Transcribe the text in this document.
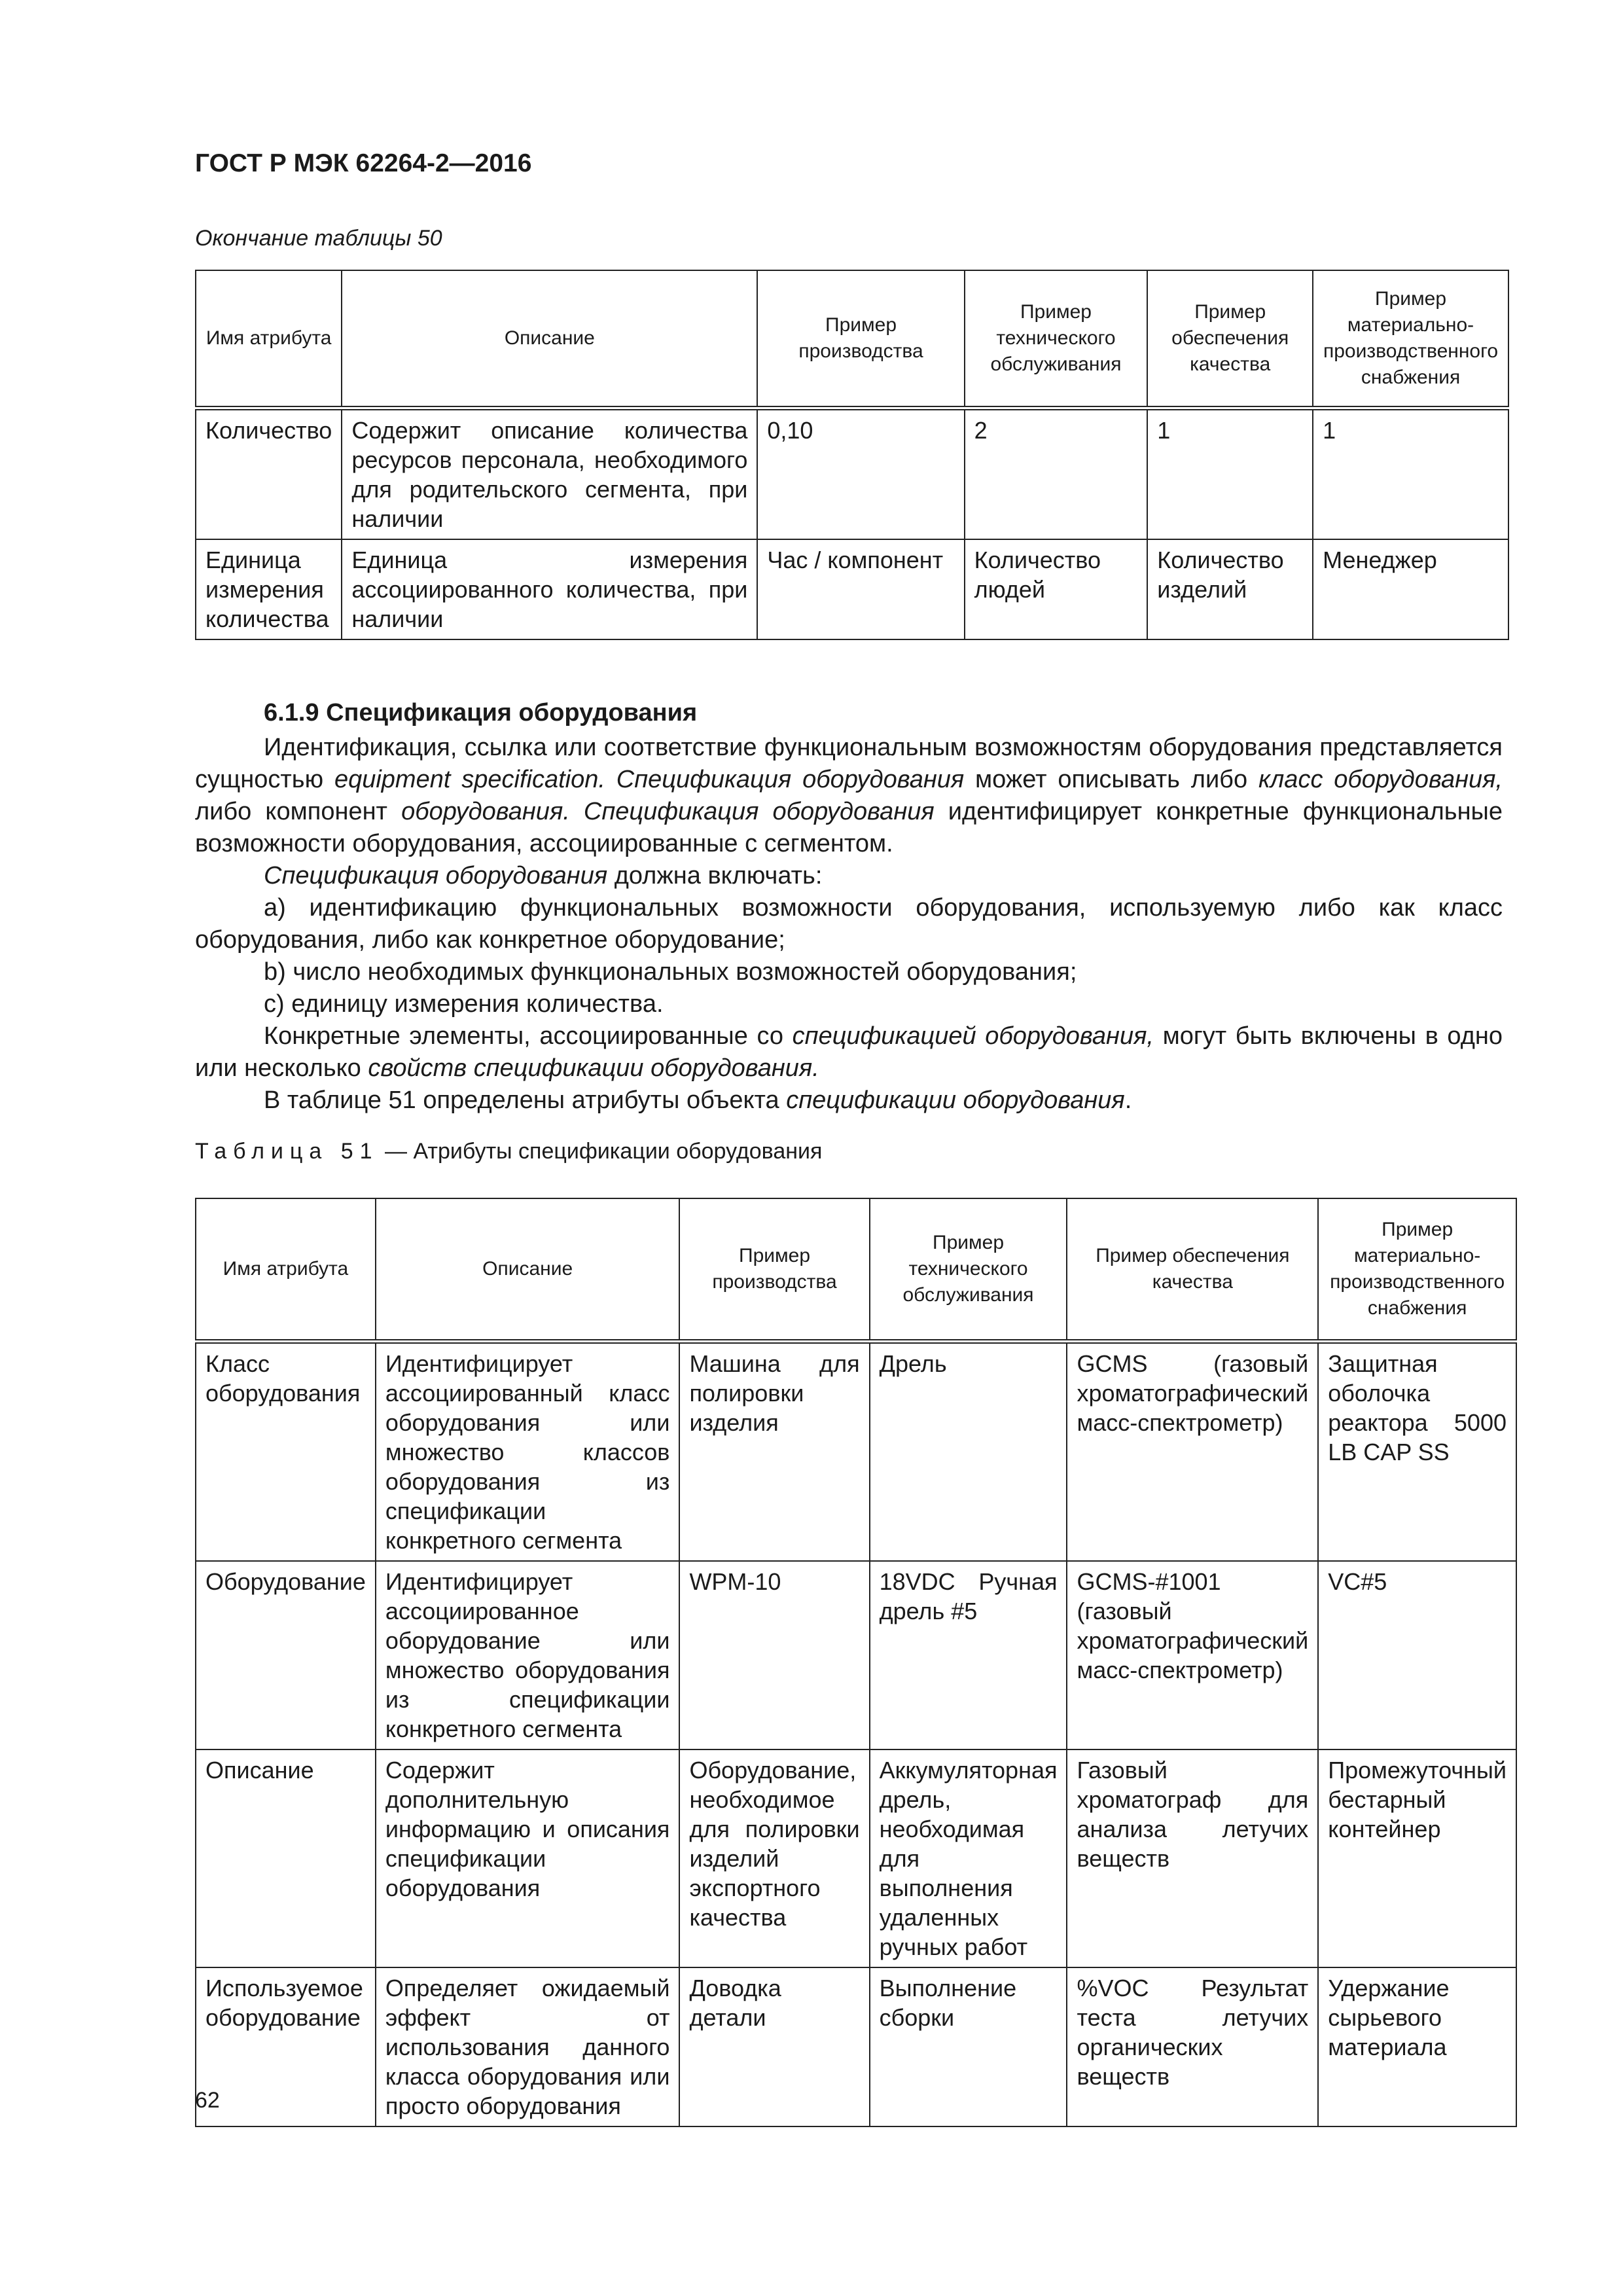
ГОСТ Р МЭК 62264-2—2016
Окончание таблицы 50
Имя атрибута	Описание	Пример производства	Пример технического обслуживания	Пример обеспечения качества	Пример материально-производственного снабжения
Количество	Содержит описание количества ресурсов персонала, необходимого для родительского сегмента, при наличии	0,10	2	1	1
Единица измерения количества	Единица измерения ассоциированного количества, при наличии	Час / компонент	Количество людей	Количество изделий	Менеджер
6.1.9 Спецификация оборудования

Идентификация, ссылка или соответствие функциональным возможностям оборудования представляется сущностью equipment specification. Спецификация оборудования может описывать либо класс оборудования, либо компонент оборудования. Спецификация оборудования идентифицирует конкретные функциональные возможности оборудования, ассоциированные с сегментом.

Спецификация оборудования должна включать:

a) идентификацию функциональных возможности оборудования, используемую либо как класс оборудования, либо как конкретное оборудование;

b) число необходимых функциональных возможностей оборудования;

c) единицу измерения количества.

Конкретные элементы, ассоциированные со спецификацией оборудования, могут быть включены в одно или несколько свойств спецификации оборудования.

В таблице 51 определены атрибуты объекта спецификации оборудования.

Таблица 51 — Атрибуты спецификации оборудования
Имя атрибута	Описание	Пример производства	Пример технического обслуживания	Пример обеспечения качества	Пример материально-производственного снабжения
Класс оборудования	Идентифицирует ассоциированный класс оборудования или множество классов оборудования из спецификации конкретного сегмента	Машина для полировки изделия	Дрель	GCMS (газовый хроматографический масс-спектрометр)	Защитная оболочка реактора 5000 LB CAP SS
Оборудование	Идентифицирует ассоциированное оборудование или множество оборудования из спецификации конкретного сегмента	WPM-10	18VDC Ручная дрель #5	GCMS-#1001 (газовый хроматографический масс-спектрометр)	VC#5
Описание	Содержит дополнительную информацию и описания спецификации оборудования	Оборудование, необходимое для полировки изделий экспортного качества	Аккумуляторная дрель, необходимая для выполнения удаленных ручных работ	Газовый хроматограф для анализа летучих веществ	Промежуточный бестарный контейнер
Используемое оборудование	Определяет ожидаемый эффект от использования данного класса оборудования или просто оборудования	Доводка детали	Выполнение сборки	%VOC Результат теста летучих органических веществ	Удержание сырьевого материала
62
